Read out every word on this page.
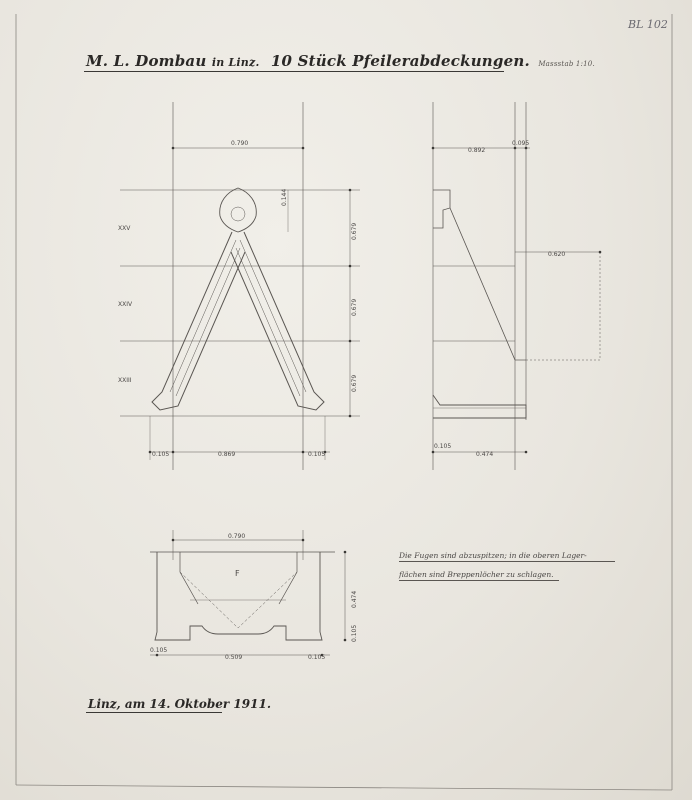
BL 102
M. L. Dombau in Linz. 10 Stück Pfeilerabdeckungen. Massstab 1:10.
0.790
0.869
0.105	0.105
0.144
0.679
0.679
0.679
XXV
XXIV
XXIII
0.892
0.095
0.620
0.105
0.474
0.790
0.509
0.105
0.105
0.474
0.105
F
Die Fugen sind abzuspitzen; in die oberen Lager-
flächen sind Breppenlöcher zu schlagen.
Linz, am 14. Oktober 1911.
